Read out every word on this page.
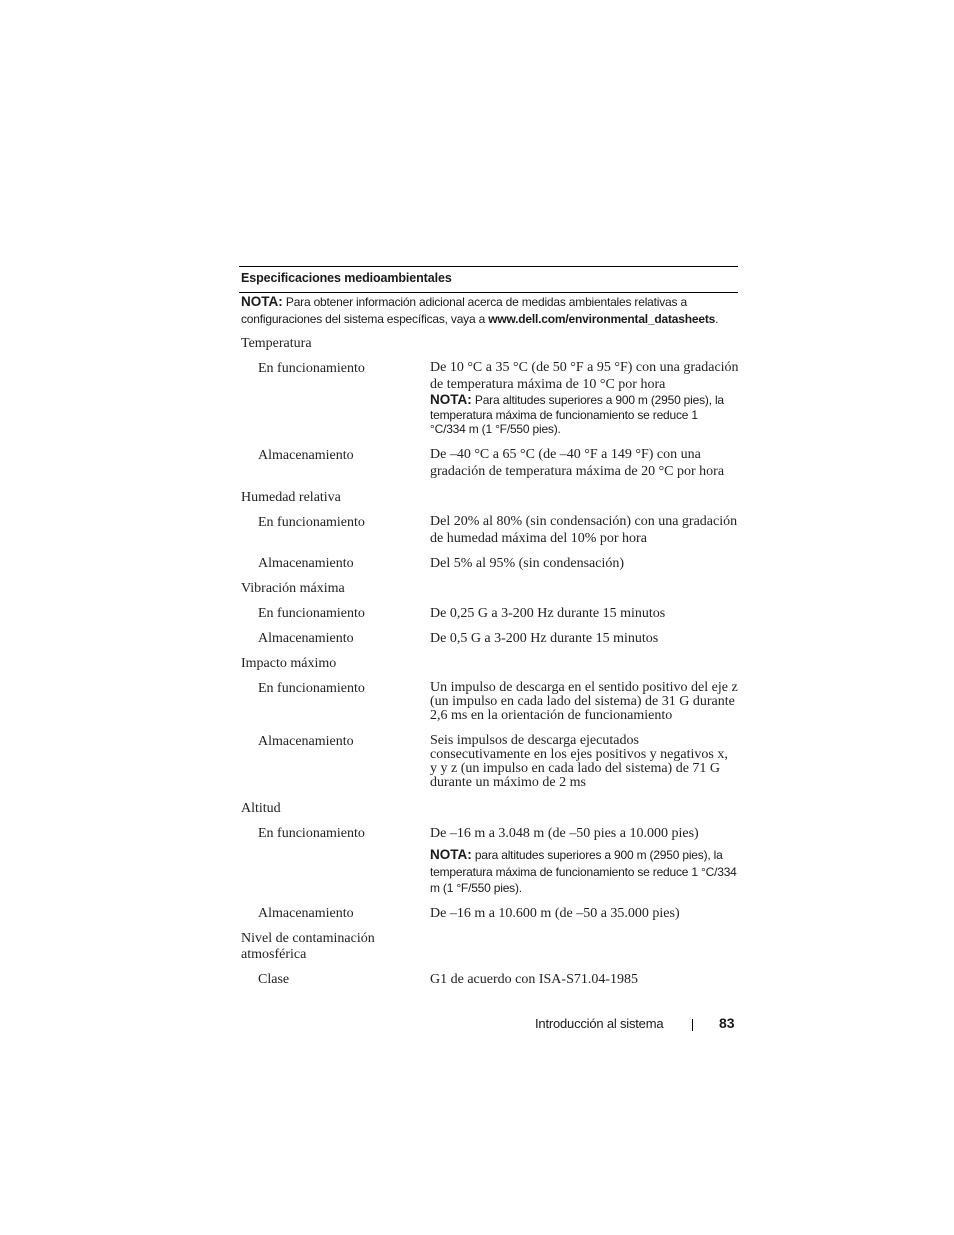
Especificaciones medioambientales
NOTA: Para obtener información adicional acerca de medidas ambientales relativas a configuraciones del sistema específicas, vaya a www.dell.com/environmental_datasheets.
Temperatura
En funcionamiento	De 10 °C a 35 °C (de 50 °F a 95 °F) con una gradación de temperatura máxima de 10 °C por hora
NOTA: Para altitudes superiores a 900 m (2950 pies), la temperatura máxima de funcionamiento se reduce 1 °C/334 m (1 °F/550 pies).
Almacenamiento	De –40 °C a 65 °C (de –40 °F a 149 °F) con una gradación de temperatura máxima de 20 °C por hora
Humedad relativa
En funcionamiento	Del 20% al 80% (sin condensación) con una gradación de humedad máxima del 10% por hora
Almacenamiento	Del 5% al 95% (sin condensación)
Vibración máxima
En funcionamiento	De 0,25 G a 3-200 Hz durante 15 minutos
Almacenamiento	De 0,5 G a 3-200 Hz durante 15 minutos
Impacto máximo
En funcionamiento	Un impulso de descarga en el sentido positivo del eje z (un impulso en cada lado del sistema) de 31 G durante 2,6 ms en la orientación de funcionamiento
Almacenamiento	Seis impulsos de descarga ejecutados consecutivamente en los ejes positivos y negativos x, y y z (un impulso en cada lado del sistema) de 71 G durante un máximo de 2 ms
Altitud
En funcionamiento	De –16 m a 3.048 m (de –50 pies a 10.000 pies)
NOTA: para altitudes superiores a 900 m (2950 pies), la temperatura máxima de funcionamiento se reduce 1 °C/334 m (1 °F/550 pies).
Almacenamiento	De –16 m a 10.600 m (de –50 a 35.000 pies)
Nivel de contaminación atmosférica
Clase	G1 de acuerdo con ISA-S71.04-1985
Introducción al sistema	83
